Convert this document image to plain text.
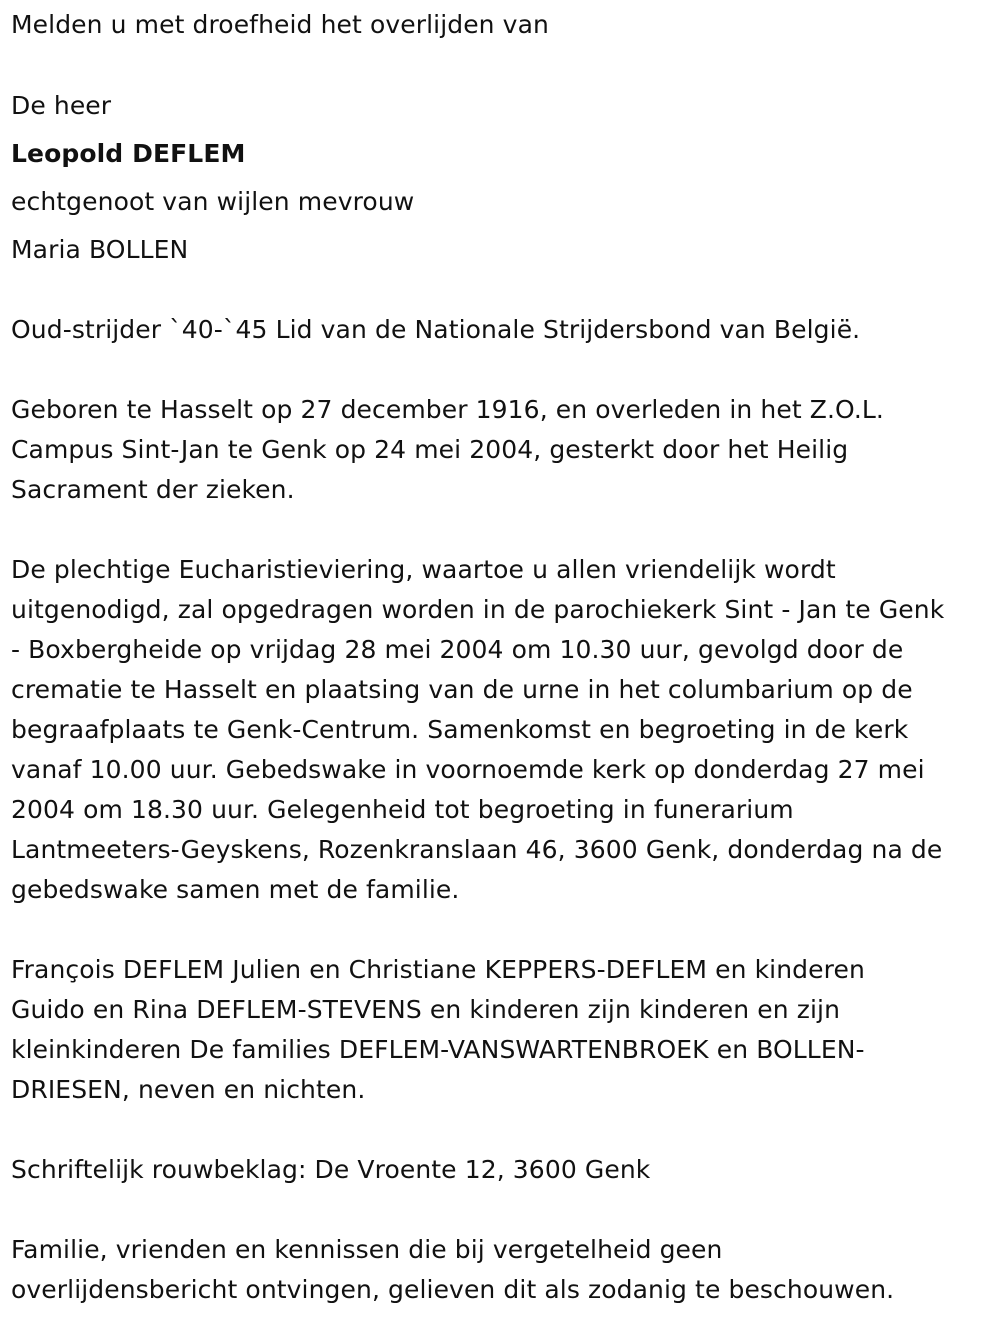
Melden u met droefheid het overlijden van

De heer

Leopold DEFLEM

echtgenoot van wijlen mevrouw

Maria BOLLEN

Oud-strijder `40-`45 Lid van de Nationale Strijdersbond van België.

Geboren te Hasselt op 27 december 1916, en overleden in het Z.O.L.

Campus Sint-Jan te Genk op 24 mei 2004, gesterkt door het Heilig

Sacrament der zieken.

De plechtige Eucharistieviering, waartoe u allen vriendelijk wordt

uitgenodigd, zal opgedragen worden in de parochiekerk Sint - Jan te Genk

- Boxbergheide op vrijdag 28 mei 2004 om 10.30 uur, gevolgd door de

crematie te Hasselt en plaatsing van de urne in het columbarium op de

begraafplaats te Genk-Centrum. Samenkomst en begroeting in de kerk

vanaf 10.00 uur. Gebedswake in voornoemde kerk op donderdag 27 mei

2004 om 18.30 uur. Gelegenheid tot begroeting in funerarium

Lantmeeters-Geyskens, Rozenkranslaan 46, 3600 Genk, donderdag na de

gebedswake samen met de familie.

François DEFLEM Julien en Christiane KEPPERS-DEFLEM en kinderen

Guido en Rina DEFLEM-STEVENS en kinderen zijn kinderen en zijn

kleinkinderen De families DEFLEM-VANSWARTENBROEK en BOLLEN-

DRIESEN, neven en nichten.

Schriftelijk rouwbeklag: De Vroente 12, 3600 Genk

Familie, vrienden en kennissen die bij vergetelheid geen

overlijdensbericht ontvingen, gelieven dit als zodanig te beschouwen.
